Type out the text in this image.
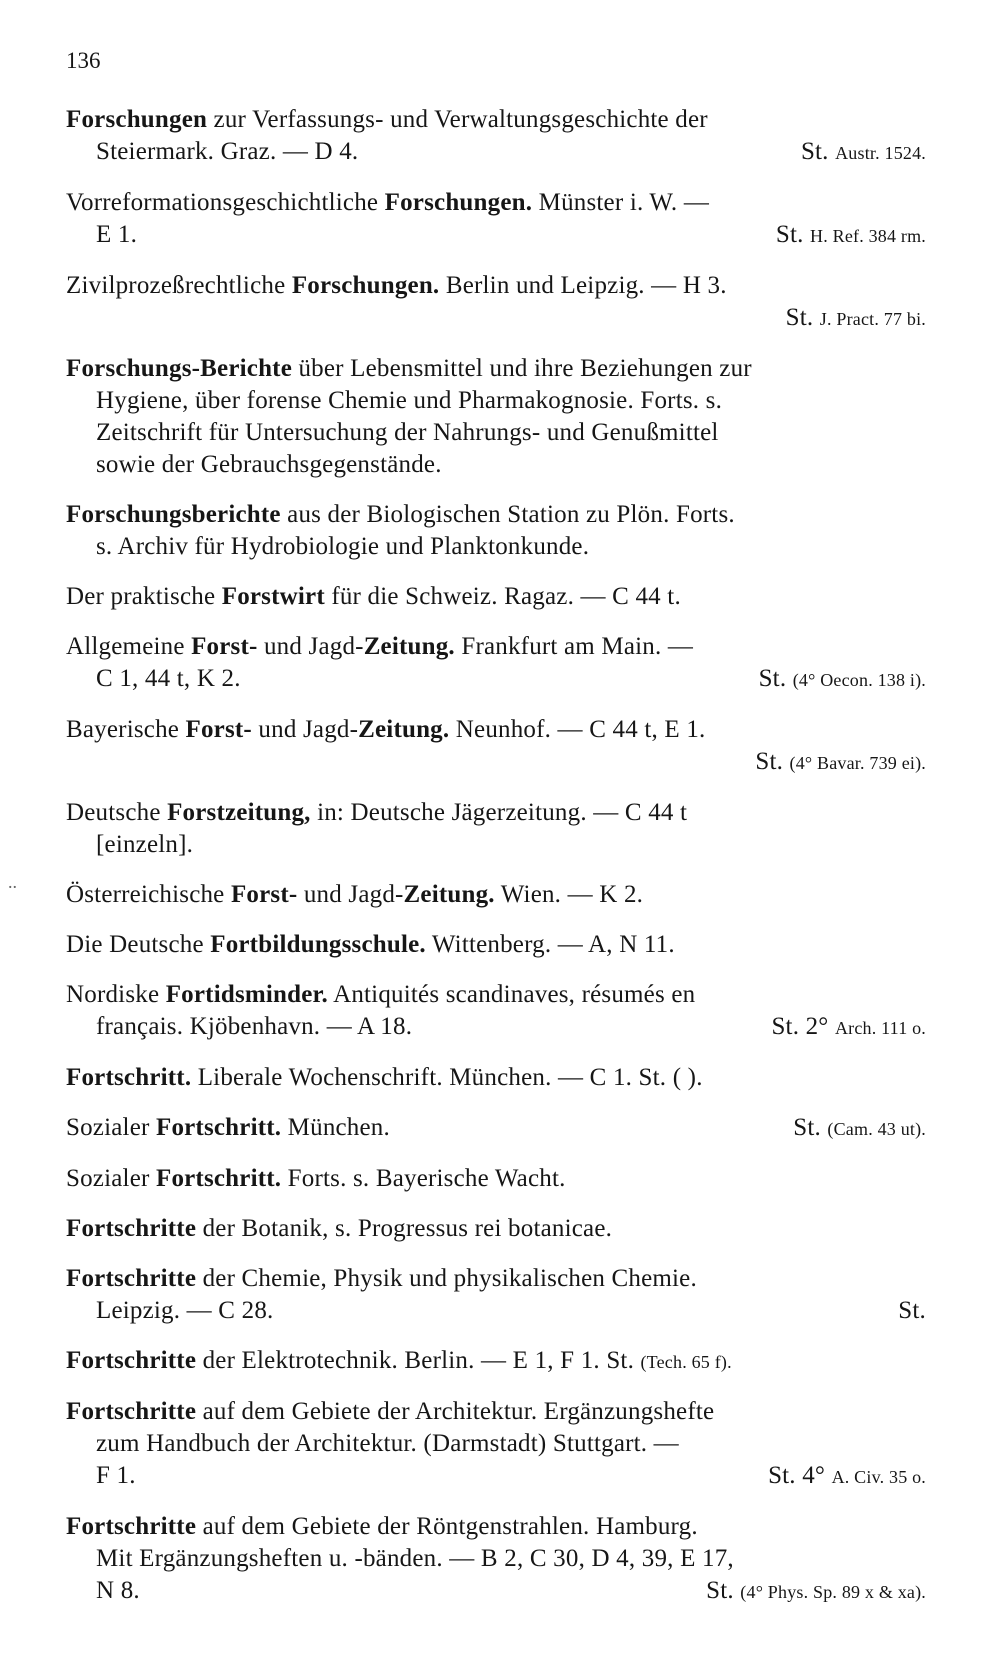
136
..
Forschungen zur Verfassungs- und Verwaltungsgeschichte der
Steiermark. Graz. — D 4.	St. Austr. 1524.
Vorreformationsgeschichtliche Forschungen. Münster i. W. —
E 1.	St. H. Ref. 384 rm.
Zivilprozeßrechtliche Forschungen. Berlin und Leipzig. — H 3.
St. J. Pract. 77 bi.
Forschungs-Berichte über Lebensmittel und ihre Beziehungen zur
Hygiene, über forense Chemie und Pharmakognosie. Forts. s.
Zeitschrift für Untersuchung der Nahrungs- und Genußmittel
sowie der Gebrauchsgegenstände.
Forschungsberichte aus der Biologischen Station zu Plön. Forts.
s. Archiv für Hydrobiologie und Planktonkunde.
Der praktische Forstwirt für die Schweiz. Ragaz. — C 44 t.
Allgemeine Forst- und Jagd-Zeitung. Frankfurt am Main. —
C 1, 44 t, K 2.	St. (4° Oecon. 138 i).
Bayerische Forst- und Jagd-Zeitung. Neunhof. — C 44 t, E 1.
St. (4° Bavar. 739 ei).
Deutsche Forstzeitung, in: Deutsche Jägerzeitung. — C 44 t
[einzeln].
Österreichische Forst- und Jagd-Zeitung. Wien. — K 2.
Die Deutsche Fortbildungsschule. Wittenberg. — A, N 11.
Nordiske Fortidsminder. Antiquités scandinaves, résumés en
français. Kjöbenhavn. — A 18.	St. 2° Arch. 111 o.
Fortschritt. Liberale Wochenschrift. München. — C 1. St. ( ).
Sozialer Fortschritt. München.	St. (Cam. 43 ut).
Sozialer Fortschritt. Forts. s. Bayerische Wacht.
Fortschritte der Botanik, s. Progressus rei botanicae.
Fortschritte der Chemie, Physik und physikalischen Chemie.
Leipzig. — C 28.	St.
Fortschritte der Elektrotechnik. Berlin. — E 1, F 1. St. (Tech. 65 f).
Fortschritte auf dem Gebiete der Architektur. Ergänzungshefte
zum Handbuch der Architektur. (Darmstadt) Stuttgart. —
F 1.	St. 4° A. Civ. 35 o.
Fortschritte auf dem Gebiete der Röntgenstrahlen. Hamburg.
Mit Ergänzungsheften u. -bänden. — B 2, C 30, D 4, 39, E 17,
N 8.	St. (4° Phys. Sp. 89 x & xa).
